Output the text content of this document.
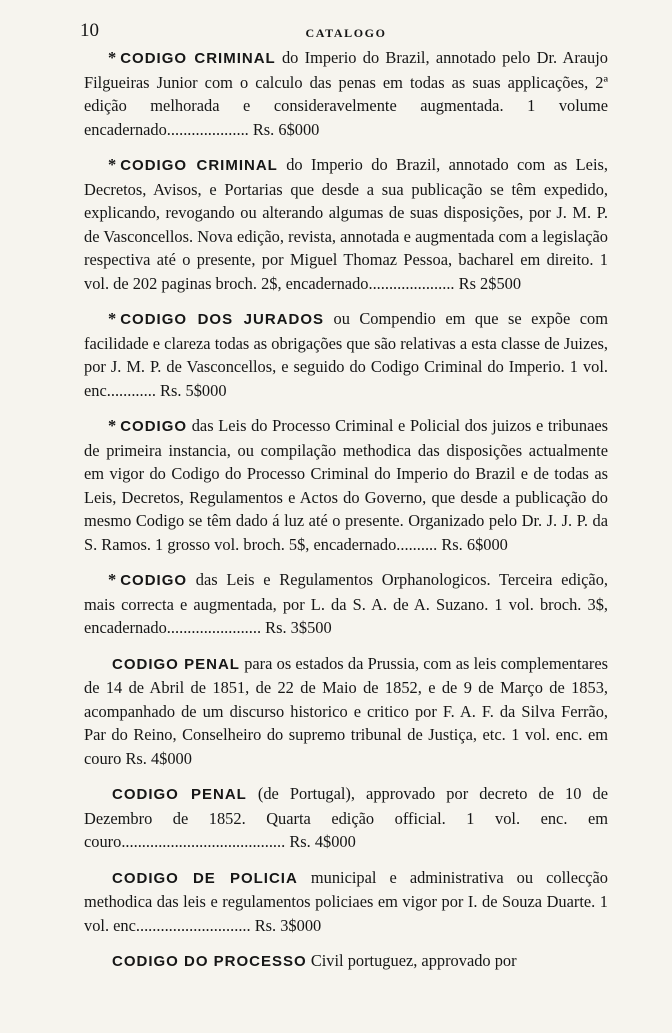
10	CATALOGO

* CODIGO CRIMINAL do Imperio do Brazil, annotado pelo Dr. Araujo Filgueiras Junior com o calculo das penas em todas as suas applicações, 2ª edição melhorada e consideravelmente augmentada. 1 volume encadernado.................... Rs. 6$000

* CODIGO CRIMINAL do Imperio do Brazil, annotado com as Leis, Decretos, Avisos, e Portarias que desde a sua publicação se têm expedido, explicando, revogando ou alterando algumas de suas disposições, por J. M. P. de Vasconcellos. Nova edição, revista, annotada e augmentada com a legislação respectiva até o presente, por Miguel Thomaz Pessoa, bacharel em direito. 1 vol. de 202 paginas broch. 2$, encadernado..................... Rs 2$500

* CODIGO DOS JURADOS ou Compendio em que se expõe com facilidade e clareza todas as obrigações que são relativas a esta classe de Juizes, por J. M. P. de Vasconcellos, e seguido do Codigo Criminal do Imperio. 1 vol. enc............ Rs. 5$000

* CODIGO das Leis do Processo Criminal e Policial dos juizos e tribunaes de primeira instancia, ou compilação methodica das disposições actualmente em vigor do Codigo do Processo Criminal do Imperio do Brazil e de todas as Leis, Decretos, Regulamentos e Actos do Governo, que desde a publicação do mesmo Codigo se têm dado á luz até o presente. Organizado pelo Dr. J. J. P. da S. Ramos. 1 grosso vol. broch. 5$, encadernado.......... Rs. 6$000

* CODIGO das Leis e Regulamentos Orphanologicos. Terceira edição, mais correcta e augmentada, por L. da S. A. de A. Suzano. 1 vol. broch. 3$, encadernado....................... Rs. 3$500

CODIGO PENAL para os estados da Prussia, com as leis complementares de 14 de Abril de 1851, de 22 de Maio de 1852, e de 9 de Março de 1853, acompanhado de um discurso historico e critico por F. A. F. da Silva Ferrão, Par do Reino, Conselheiro do supremo tribunal de Justiça, etc. 1 vol. enc. em couro Rs. 4$000

CODIGO PENAL (de Portugal), approvado por decreto de 10 de Dezembro de 1852. Quarta edição official. 1 vol. enc. em couro........................................ Rs. 4$000

CODIGO DE POLICIA municipal e administrativa ou collecção methodica das leis e regulamentos policiaes em vigor por I. de Souza Duarte. 1 vol. enc............................ Rs. 3$000

CODIGO DO PROCESSO Civil portuguez, approvado por
